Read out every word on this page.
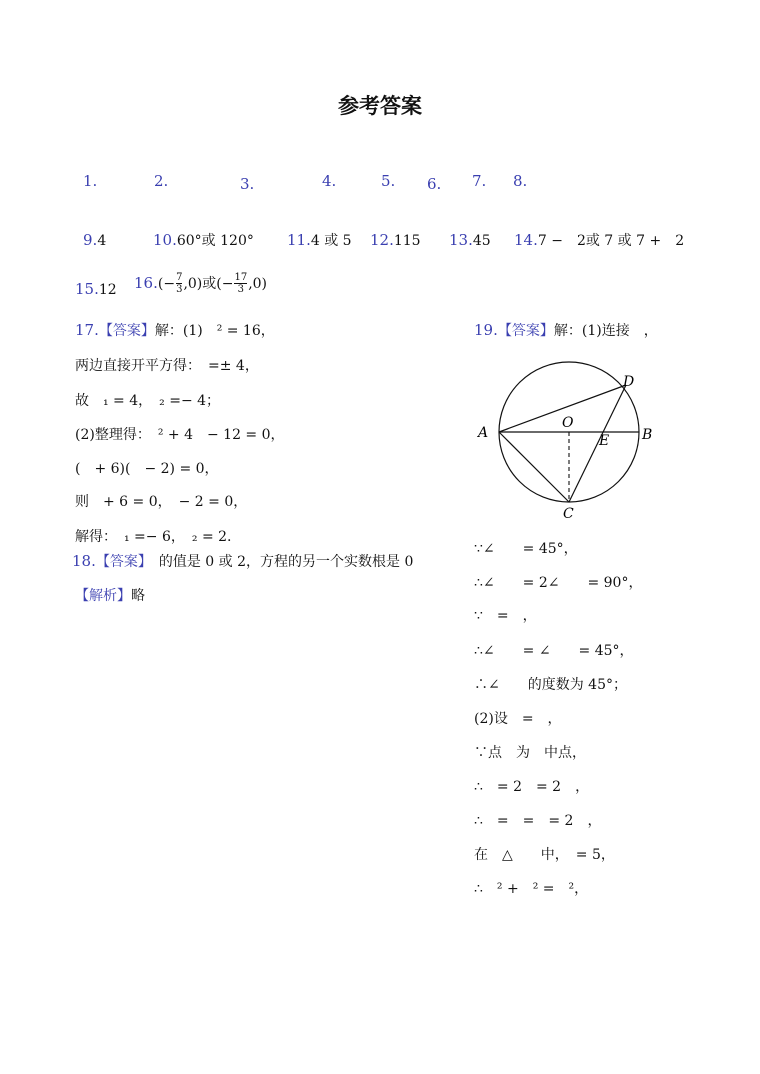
参考答案
1.	2.	3.	4.	5. 6. 7. 8.
9.4	10.60°或 120° 11.4 或 5 12.115 13.45 14.7 −　2或 7 或 7 +　2
15.12 $16.(- \frac{7}{3} ,0)$或(− $\frac{17}{3} ,0$)
17.【答案】解：(1)　² = 16，
两边直接开平方得：　=± 4，
故　₁ = 4，　₂ =− 4；
(2)整理得：　² + 4　− 12 = 0，
(　+ 6)(　− 2) = 0，
则　+ 6 = 0，　− 2 = 0，
解得：　₁ =− 6，　₂ = 2.
18.【答案】　的值是 0 或 2，方程的另一个实数根是 0
【解析】略
19.【答案】解：(1)连接　，
A	B
C
D
E
O
∵∠　　= 45°，
∴∠　　= 2∠　　= 90°，
∵　=　，
∴∠　　= ∠　　= 45°，
∴∠　　的度数为 45°；
(2)设　=　，
∵点　为　中点，
∴　= 2　= 2　，
∴　=　=　= 2　，
在　△　　中，　= 5，
∴　² +　² =　²，
